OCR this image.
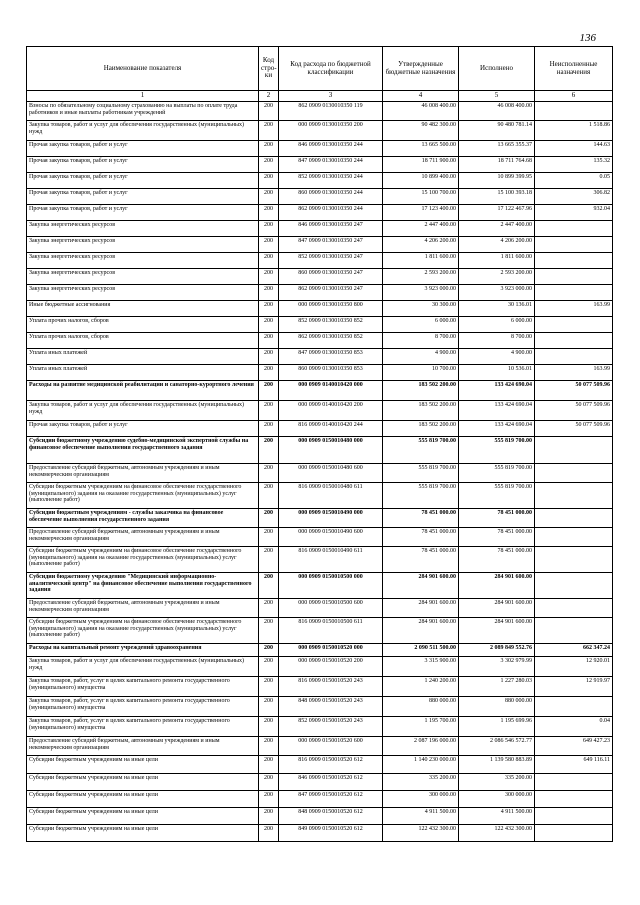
136
Наименование показателя	Код стро-ки	Код расхода по бюджетной классификации	Утвержденные бюджетные назначения	Исполнено	Неисполненные назначения
1	2	3	4	5	6
Взносы по обязательному социальному страхованию на выплаты по оплате труда работников и иные выплаты работникам учреждений	200	862 0909 0130010350 119	46 008 400.00	46 008 400.00	
Закупка товаров, работ и услуг для обеспечения государственных (муниципальных) нужд	200	000 0909 0130010350 200	90 482 300.00	90 480 781.14	1 518.86
Прочая закупка товаров, работ и услуг	200	846 0909 0130010350 244	13 665 500.00	13 665 355.37	144.63
Прочая закупка товаров, работ и услуг	200	847 0909 0130010350 244	18 711 900.00	18 711 764.68	135.32
Прочая закупка товаров, работ и услуг	200	852 0909 0130010350 244	10 899 400.00	10 899 399.95	0.05
Прочая закупка товаров, работ и услуг	200	860 0909 0130010350 244	15 100 700.00	15 100 393.18	306.82
Прочая закупка товаров, работ и услуг	200	862 0909 0130010350 244	17 123 400.00	17 122 467.96	932.04
Закупка энергетических ресурсов	200	846 0909 0130010350 247	2 447 400.00	2 447 400.00	
Закупка энергетических ресурсов	200	847 0909 0130010350 247	4 206 200.00	4 206 200.00	
Закупка энергетических ресурсов	200	852 0909 0130010350 247	1 811 600.00	1 811 600.00	
Закупка энергетических ресурсов	200	860 0909 0130010350 247	2 593 200.00	2 593 200.00	
Закупка энергетических ресурсов	200	862 0909 0130010350 247	3 923 000.00	3 923 000.00	
Иные бюджетные ассигнования	200	000 0909 0130010350 800	30 300.00	30 136.01	163.99
Уплата прочих налогов, сборов	200	852 0909 0130010350 852	6 000.00	6 000.00	
Уплата прочих налогов, сборов	200	862 0909 0130010350 852	8 700.00	8 700.00	
Уплата иных платежей	200	847 0909 0130010350 853	4 900.00	4 900.00	
Уплата иных платежей	200	860 0909 0130010350 853	10 700.00	10 536.01	163.99
Расходы на развитие медицинской реабилитации и санаторно-курортного лечения	200	000 0909 0140010420 000	183 502 200.00	133 424 690.04	50 077 509.96
Закупка товаров, работ и услуг для обеспечения государственных (муниципальных) нужд	200	000 0909 0140010420 200	183 502 200.00	133 424 690.04	50 077 509.96
Прочая закупка товаров, работ и услуг	200	816 0909 0140010420 244	183 502 200.00	133 424 690.04	50 077 509.96
Субсидии бюджетному учреждению судебно-медицинской экспертной службы на финансовое обеспечение выполнения государственного задания	200	000 0909 0150010480 000	555 819 700.00	555 819 700.00	
Предоставление субсидий бюджетным, автономным учреждениям и иным некоммерческим организациям	200	000 0909 0150010480 600	555 819 700.00	555 819 700.00	
Субсидии бюджетным учреждениям на финансовое обеспечение государственного (муниципального) задания на оказание государственных (муниципальных) услуг (выполнение работ)	200	816 0909 0150010480 611	555 819 700.00	555 819 700.00	
Субсидии бюджетным учреждениям - службы заказчика на финансовое обеспечение выполнения государственного задания	200	000 0909 0150010490 000	78 451 000.00	78 451 000.00	
Предоставление субсидий бюджетным, автономным учреждениям и иным некоммерческим организациям	200	000 0909 0150010490 600	78 451 000.00	78 451 000.00	
Субсидии бюджетным учреждениям на финансовое обеспечение государственного (муниципального) задания на оказание государственных (муниципальных) услуг (выполнение работ)	200	816 0909 0150010490 611	78 451 000.00	78 451 000.00	
Субсидии бюджетному учреждению "Медицинский информационно-аналитический центр" на финансовое обеспечение выполнения государственного задания	200	000 0909 0150010500 000	284 901 600.00	284 901 600.00	
Предоставление субсидий бюджетным, автономным учреждениям и иным некоммерческим организациям	200	000 0909 0150010500 600	284 901 600.00	284 901 600.00	
Субсидии бюджетным учреждениям на финансовое обеспечение государственного (муниципального) задания на оказание государственных (муниципальных) услуг (выполнение работ)	200	816 0909 0150010500 611	284 901 600.00	284 901 600.00	
Расходы на капитальный ремонт учреждений здравоохранения	200	000 0909 0150010520 000	2 090 511 500.00	2 089 849 552.76	662 347.24
Закупка товаров, работ и услуг для обеспечения государственных (муниципальных) нужд	200	000 0909 0150010520 200	3 315 900.00	3 302 979.99	12 920.01
Закупка товаров, работ, услуг в целях капитального ремонта государственного (муниципального) имущества	200	816 0909 0150010520 243	1 240 200.00	1 227 280.03	12 919.97
Закупка товаров, работ, услуг в целях капитального ремонта государственного (муниципального) имущества	200	848 0909 0150010520 243	880 000.00	880 000.00	
Закупка товаров, работ, услуг в целях капитального ремонта государственного (муниципального) имущества	200	852 0909 0150010520 243	1 195 700.00	1 195 699.96	0.04
Предоставление субсидий бюджетным, автономным учреждениям и иным некоммерческим организациям	200	000 0909 0150010520 600	2 087 196 000.00	2 086 546 572.77	649 427.23
Субсидии бюджетным учреждениям на иные цели	200	816 0909 0150010520 612	1 140 230 000.00	1 139 580 883.89	649 116.11
Субсидии бюджетным учреждениям на иные цели	200	846 0909 0150010520 612	335 200.00	335 200.00	
Субсидии бюджетным учреждениям на иные цели	200	847 0909 0150010520 612	300 000.00	300 000.00	
Субсидии бюджетным учреждениям на иные цели	200	848 0909 0150010520 612	4 911 500.00	4 911 500.00	
Субсидии бюджетным учреждениям на иные цели	200	849 0909 0150010520 612	122 432 300.00	122 432 300.00	
